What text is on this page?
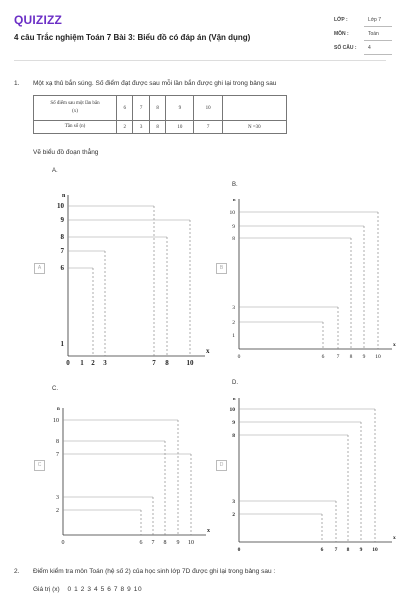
QUIZIZZ
4 câu Trắc nghiệm Toán 7 Bài 3: Biểu đồ có đáp án (Vận dụng)
LỚP :	Lớp 7
MÔN :	Toán
SỐ CÂU : 4
1. Một xạ thủ bắn súng. Số điểm đạt được sau mỗi lần bắn được ghi lại trong bảng sau
Số điểm sau một lần bắn
(x)	6	7	8	9	10	
Tần số (n)	2	3	8	10	7	N =30
Vẽ biểu đồ đoạn thẳng
A.
B.
C.
D.
A	B
C	D
x
n
0 1 2 3	7 8	10
1
6
7
8
9
10
x
n
0	6 7 8 9 10
1
2
3
8
9
10
x
n
0	6 7 8 9 10
2
3
7
8
10
x
n
0	6 7 8 9 10
2
3
8
9
10
2. Điểm kiểm tra môn Toán (hệ số 2) của học sinh lớp 7D được ghi lại trong bảng sau :
Giá trị (x) 0 1 2 3 4 5 6 7 8 9 10
